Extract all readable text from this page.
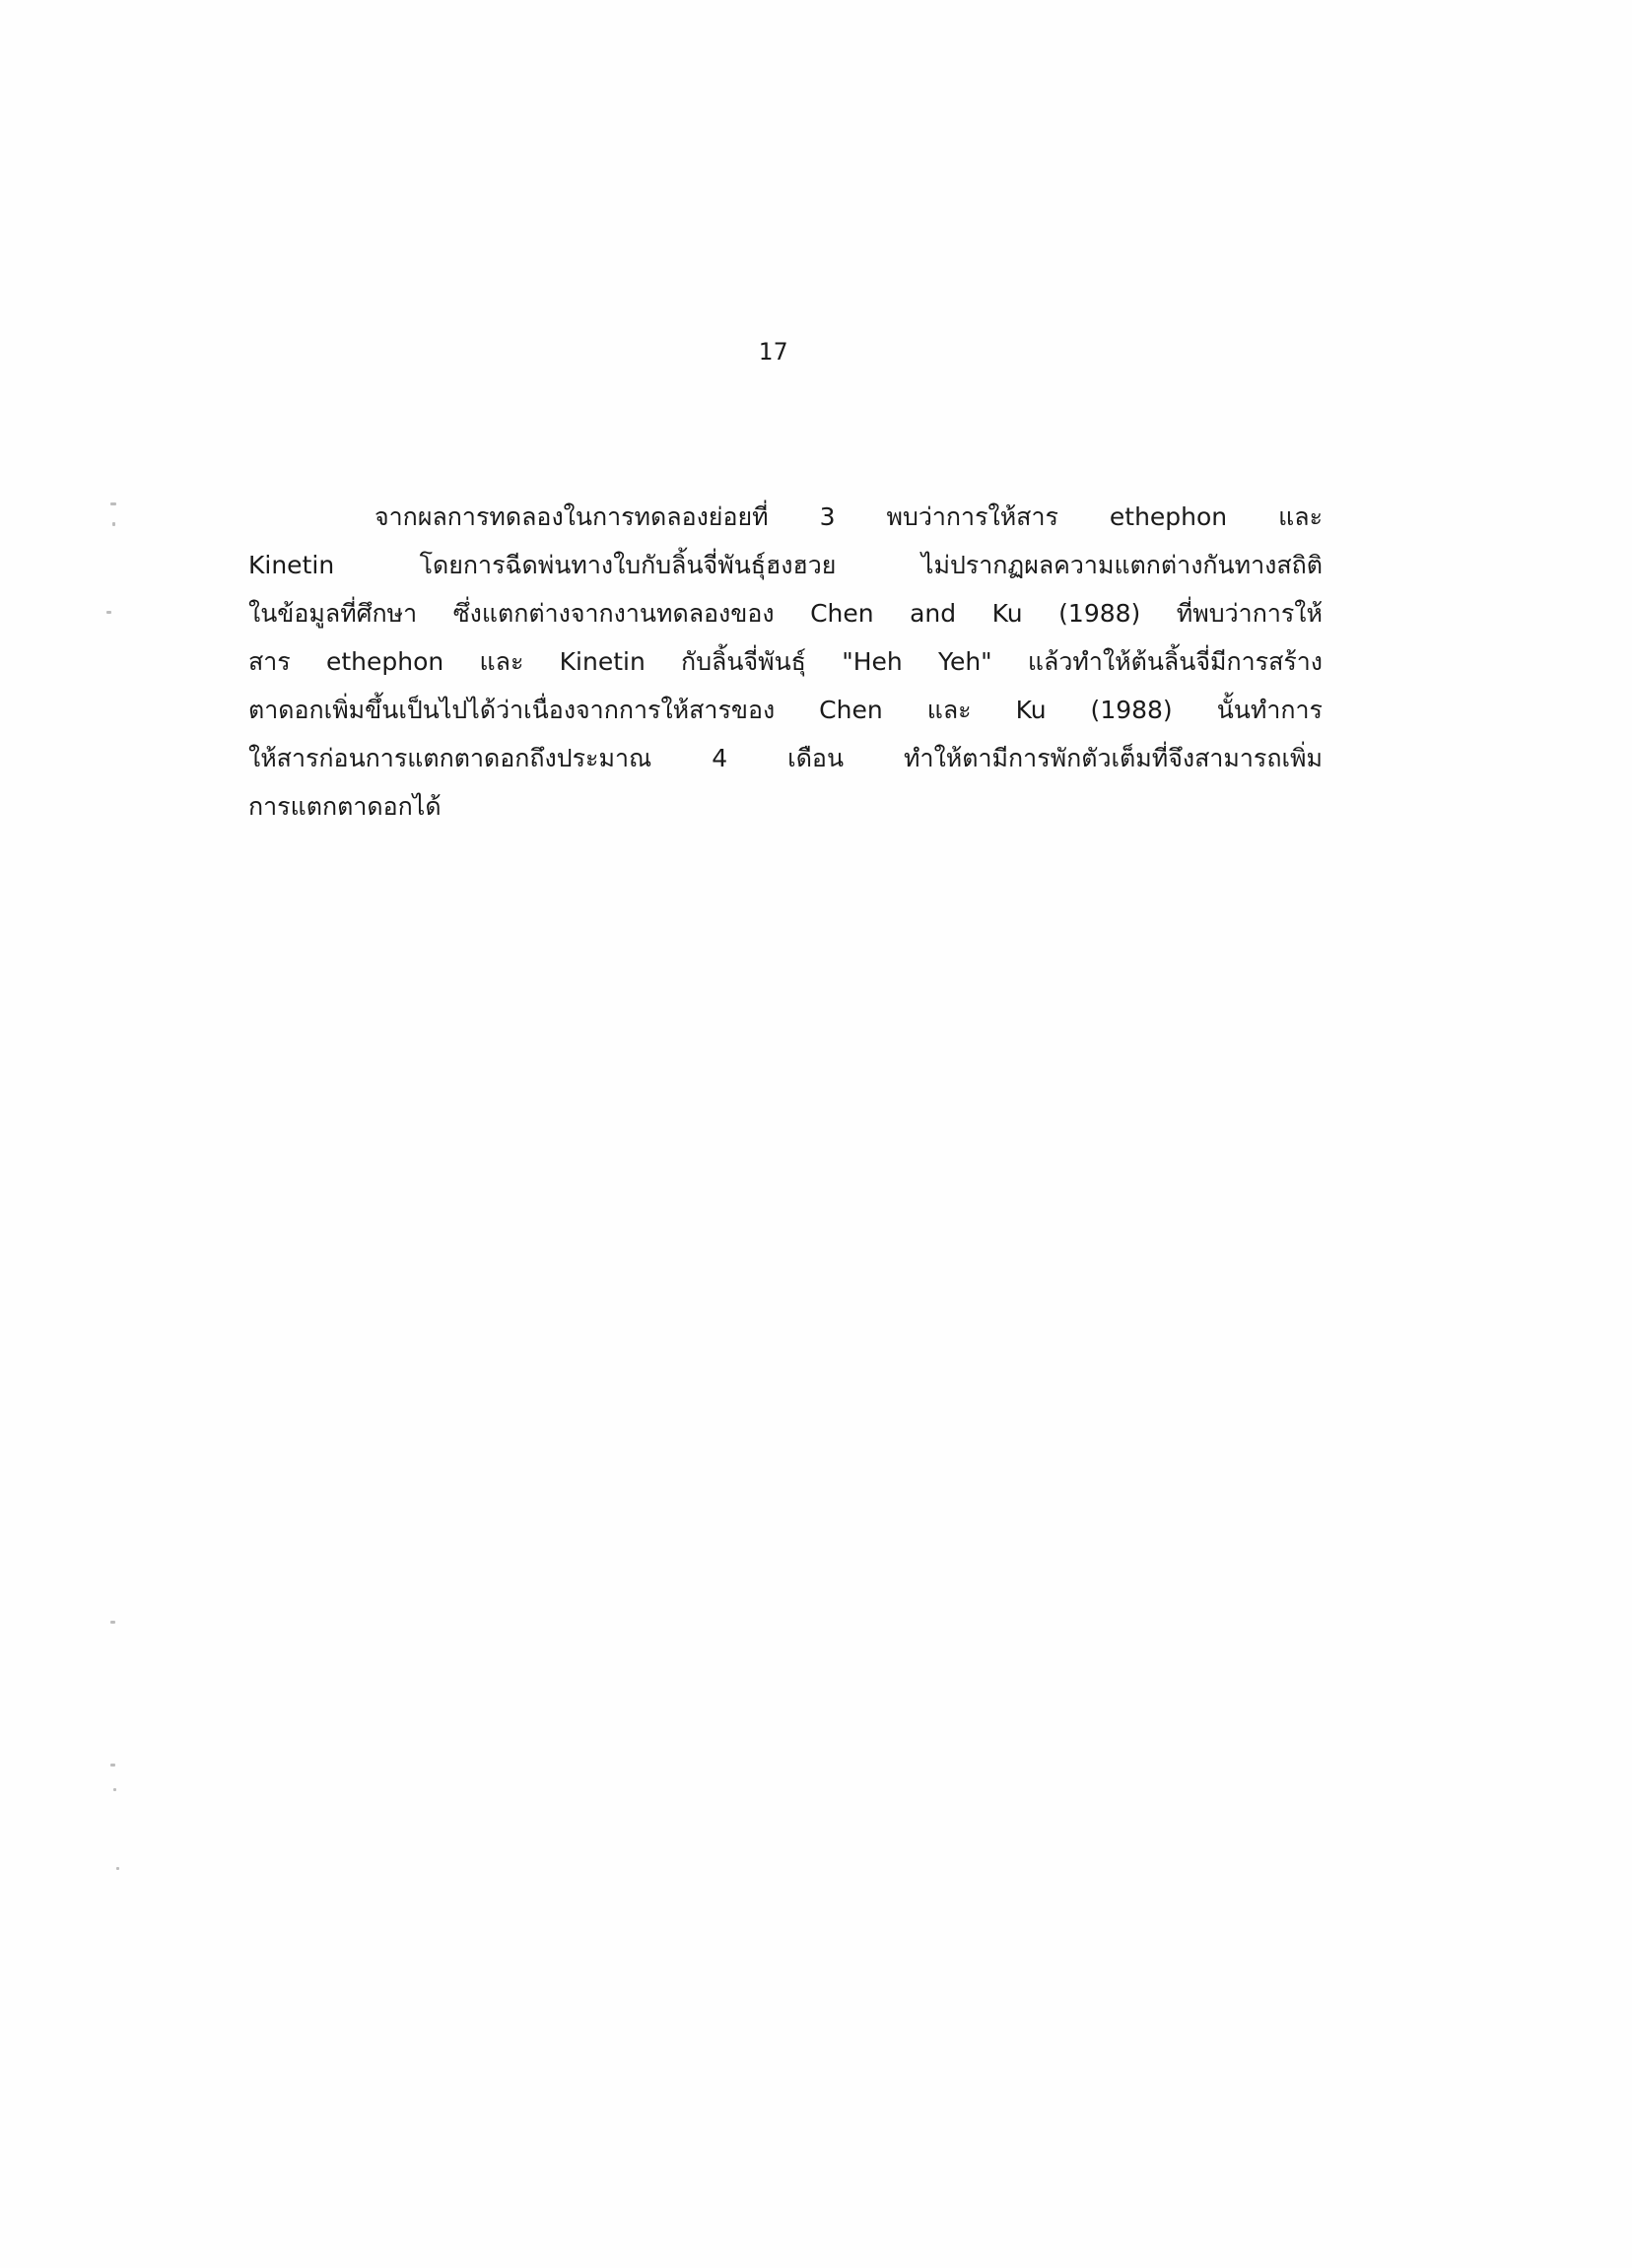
17
จากผลการทดลองในการทดลองย่อยที่ 3 พบว่าการให้สาร ethephon และ
Kinetin โดยการฉีดพ่นทางใบกับลิ้นจี่พันธุ์ฮงฮวย ไม่ปรากฏผลความแตกต่างกันทางสถิติ
ในข้อมูลที่ศึกษา ซึ่งแตกต่างจากงานทดลองของ Chen and Ku (1988) ที่พบว่าการให้
สาร ethephon และ Kinetin กับลิ้นจี่พันธุ์ "Heh Yeh" แล้วทำให้ต้นลิ้นจี่มีการสร้าง
ตาดอกเพิ่มขึ้นเป็นไปได้ว่าเนื่องจากการให้สารของ Chen และ Ku (1988) นั้นทำการ
ให้สารก่อนการแตกตาดอกถึงประมาณ 4 เดือน ทำให้ตามีการพักตัวเต็มที่จึงสามารถเพิ่ม
การแตกตาดอกได้
